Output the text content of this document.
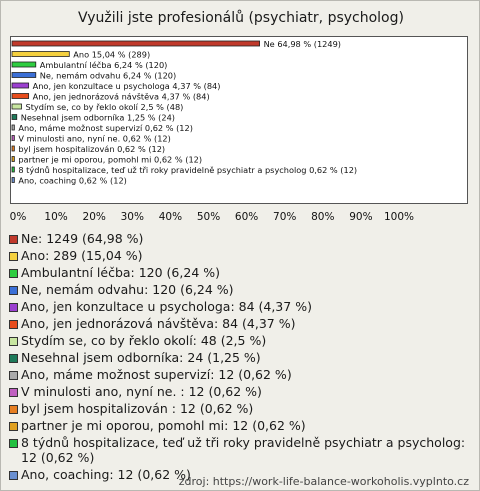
Využili jste profesionálů (psychiatr, psycholog)
Ne 64,98 % (1249)
Ano 15,04 % (289)
Ambulantní léčba 6,24 % (120)
Ne, nemám odvahu 6,24 % (120)
Ano, jen konzultace u psychologa 4,37 % (84)
Ano, jen jednorázová návštěva 4,37 % (84)
Stydím se, co by řeklo okolí 2,5 % (48)
Nesehnal jsem odborníka 1,25 % (24)
Ano, máme možnost supervizí 0,62 % (12)
V minulosti ano, nyní ne. 0,62 % (12)
byl jsem hospitalizován 0,62 % (12)
partner je mi oporou, pomohl mi 0,62 % (12)
8 týdnů hospitalizace, teď už tři roky pravidelně psychiatr a psycholog 0,62 % (12)
Ano, coaching 0,62 % (12)
0% 10% 20% 30% 40% 50% 60% 70% 80% 90% 100%
Ne: 1249 (64,98 %)
Ano: 289 (15,04 %)
Ambulantní léčba: 120 (6,24 %)
Ne, nemám odvahu: 120 (6,24 %)
Ano, jen konzultace u psychologa: 84 (4,37 %)
Ano, jen jednorázová návštěva: 84 (4,37 %)
Stydím se, co by řeklo okolí: 48 (2,5 %)
Nesehnal jsem odborníka: 24 (1,25 %)
Ano, máme možnost supervizí: 12 (0,62 %)
V minulosti ano, nyní ne. : 12 (0,62 %)
byl jsem hospitalizován : 12 (0,62 %)
partner je mi oporou, pomohl mi: 12 (0,62 %)
8 týdnů hospitalizace, teď už tři roky pravidelně psychiatr a psycholog: 12 (0,62 %)
Ano, coaching: 12 (0,62 %)
zdroj: https://work-life-balance-workoholis.vyplnto.cz
